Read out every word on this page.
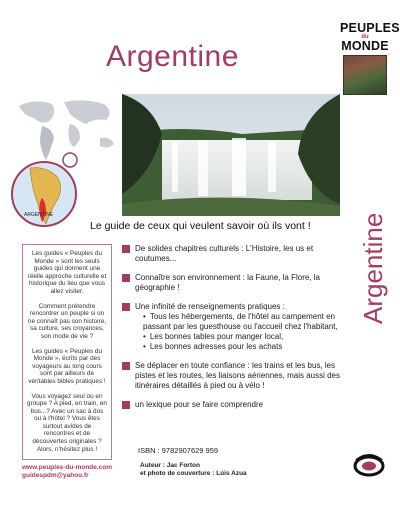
Argentine
PEUPLES
du
MONDE
ARGENTINE
Le guide de ceux qui veulent savoir où ils vont ! Argentine

Les guides « Peuples du Monde » sont les seuls guides qui donnent une réelle approche culturelle et historique du lieu que vous allez visiter.

Comment prétendre rencontrer un peuple si on ne connaît pas son histoire, sa culture, ses croyances, son mode de vie ?

Les guides « Peuples du Monde », écrits par des voyageurs au long cours sont par ailleurs de véritables bibles pratiques !

Vous voyagez seul ou en groupe ? A pied, en train, en bus...? Avec un sac à dos ou à l'hôtel ? Vous êtes surtout avides de rencontres et de découvertes originales ? Alors, n'hésitez plus !

www.peuples-du-monde.com
guidespdm@yahoo.fr
De solides chapitres culturels : L'Histoire, les us et coutumes...
Connaître son environnement : la Faune, la Flore, la géographie !
Une infinité de renseignements pratiques :
• Tous les hébergements, de l'hôtel au campement en passant par les guesthouse ou l'accueil chez l'habitant,
• Les bonnes tables pour manger local,
• Les bonnes adresses pour les achats
Se déplacer en toute confiance : les trains et les bus, les pistes et les routes, les liaisons aériennes, mais aussi des itinéraires détaillés à pied ou à vélo !
un lexique pour se faire comprendre
ISBN : 9782907629 959
Auteur : Jac Forton
et photo de couverture : Lúis Azua
